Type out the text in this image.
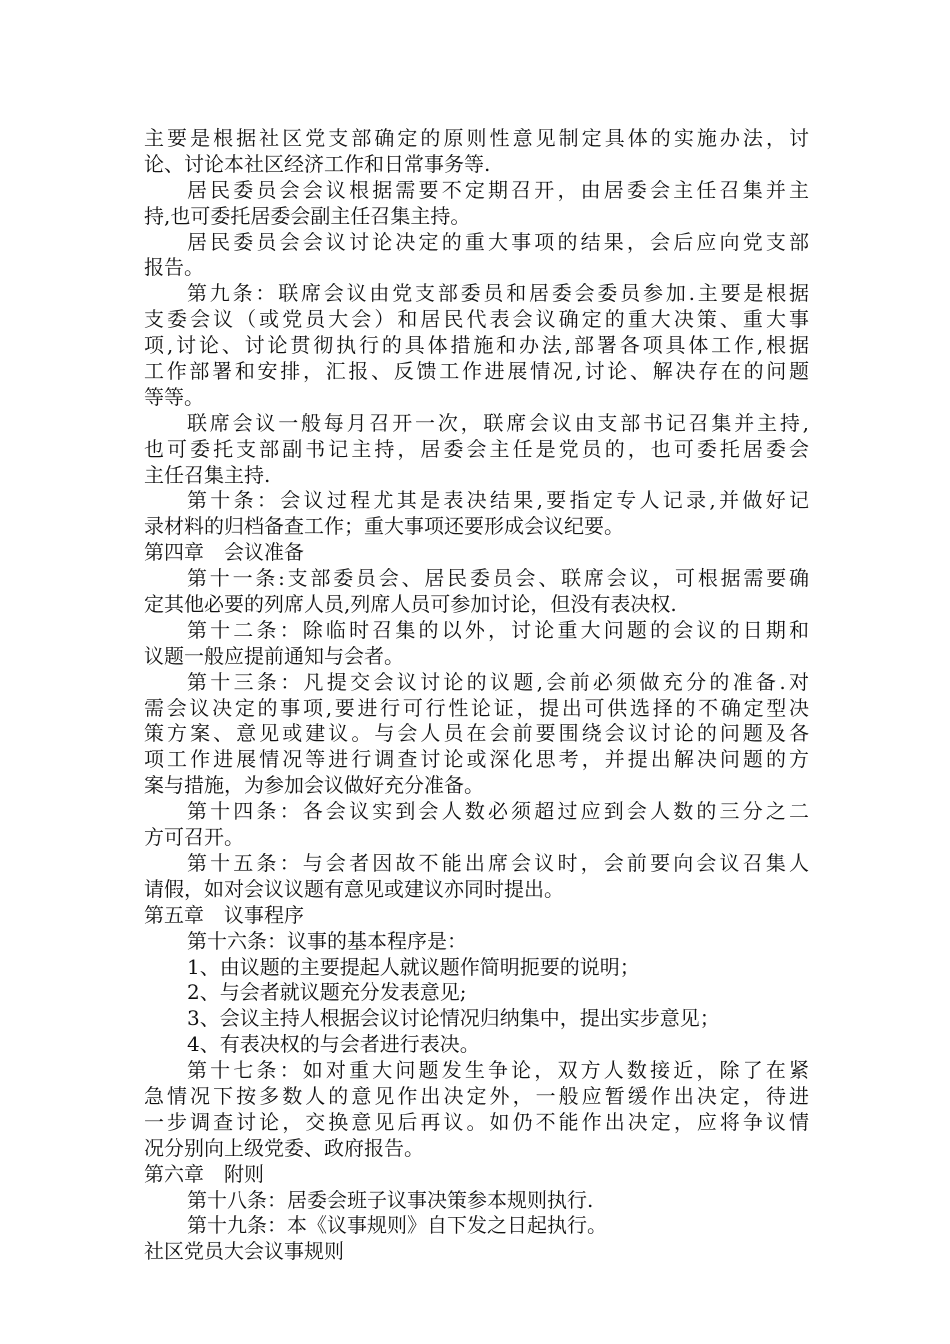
主要是根据社区党支部确定的原则性意见制定具体的实施办法，讨
论、讨论本社区经济工作和日常事务等.
居民委员会会议根据需要不定期召开，由居委会主任召集并主
持,也可委托居委会副主任召集主持。
居民委员会会议讨论决定的重大事项的结果，会后应向党支部
报告。
第九条：联席会议由党支部委员和居委会委员参加.主要是根据
支委会议（或党员大会）和居民代表会议确定的重大决策、重大事
项,讨论、讨论贯彻执行的具体措施和办法,部署各项具体工作,根据
工作部署和安排，汇报、反馈工作进展情况,讨论、解决存在的问题
等等。
联席会议一般每月召开一次，联席会议由支部书记召集并主持,
也可委托支部副书记主持，居委会主任是党员的，也可委托居委会
主任召集主持.
第十条：会议过程尤其是表决结果,要指定专人记录,并做好记
录材料的归档备查工作；重大事项还要形成会议纪要。
第四章　会议准备
第十一条:支部委员会、居民委员会、联席会议，可根据需要确
定其他必要的列席人员,列席人员可参加讨论，但没有表决权.
第十二条：除临时召集的以外，讨论重大问题的会议的日期和
议题一般应提前通知与会者。
第十三条：凡提交会议讨论的议题,会前必须做充分的准备.对
需会议决定的事项,要进行可行性论证，提出可供选择的不确定型决
策方案、意见或建议。与会人员在会前要围绕会议讨论的问题及各
项工作进展情况等进行调查讨论或深化思考，并提出解决问题的方
案与措施，为参加会议做好充分准备。
第十四条：各会议实到会人数必须超过应到会人数的三分之二
方可召开。
第十五条：与会者因故不能出席会议时，会前要向会议召集人
请假，如对会议议题有意见或建议亦同时提出。
第五章　议事程序
第十六条：议事的基本程序是：
1、由议题的主要提起人就议题作简明扼要的说明；
2、与会者就议题充分发表意见;
3、会议主持人根据会议讨论情况归纳集中，提出实步意见；
4、有表决权的与会者进行表决。
第十七条：如对重大问题发生争论，双方人数接近，除了在紧
急情况下按多数人的意见作出决定外，一般应暂缓作出决定，待进
一步调查讨论，交换意见后再议。如仍不能作出决定，应将争议情
况分别向上级党委、政府报告。
第六章　附则
第十八条：居委会班子议事决策参本规则执行.
第十九条：本《议事规则》自下发之日起执行。
社区党员大会议事规则
